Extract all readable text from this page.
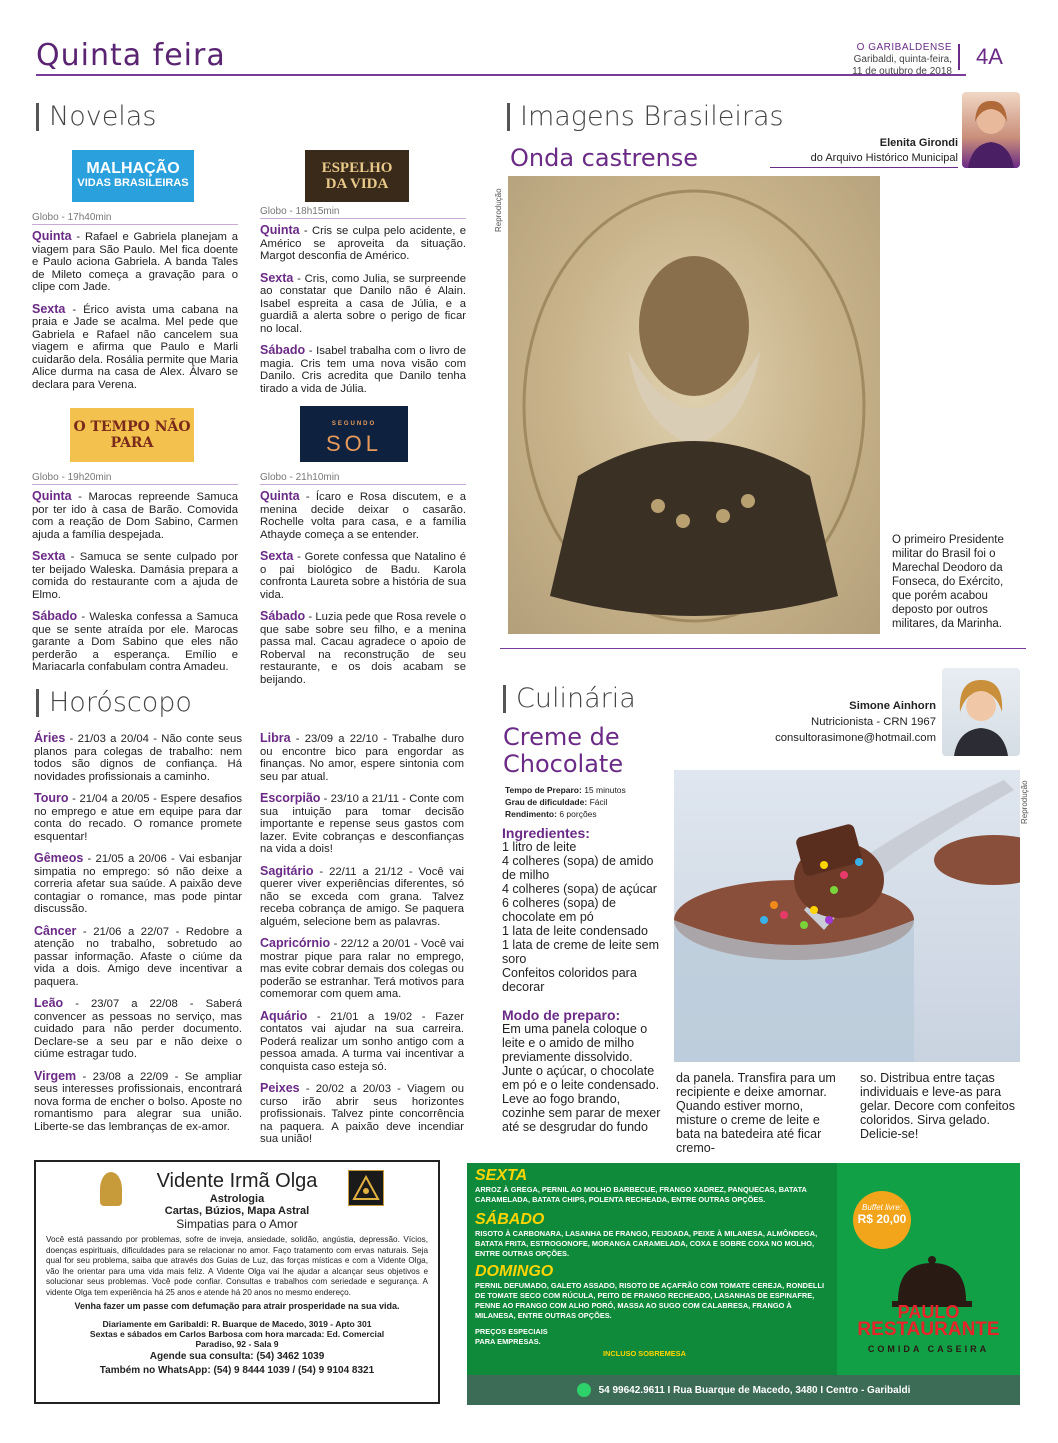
Quinta feira	O GARIBALDENSE
Garibaldi, quinta-feira,
11 de outubro de 2018
4A
Novelas
MALHAÇÃO
VIDAS BRASILEIRAS
Globo - 17h40min

Quinta - Rafael e Gabriela planejam a viagem para São Paulo. Mel fica doente e Paulo aciona Gabriela. A banda Tales de Mileto começa a gravação para o clipe com Jade.

Sexta - Érico avista uma cabana na praia e Jade se acalma. Mel pede que Gabriela e Rafael não cancelem sua viagem e afirma que Paulo e Marli cuidarão dela. Rosália permite que Maria Alice durma na casa de Alex. Álvaro se declara para Verena.

ESPELHO
DA VIDA
Globo - 18h15min

Quinta - Cris se culpa pelo acidente, e Américo se aproveita da situação. Margot desconfia de Américo.

Sexta - Cris, como Julia, se surpreende ao constatar que Danilo não é Alain. Isabel espreita a casa de Júlia, e a guardiã a alerta sobre o perigo de ficar no local.

Sábado - Isabel trabalha com o livro de magia. Cris tem uma nova visão com Danilo. Cris acredita que Danilo tenha tirado a vida de Júlia.

O TEMPO NÃO PARA
Globo - 19h20min

Quinta - Marocas repreende Samuca por ter ido à casa de Barão. Comovida com a reação de Dom Sabino, Carmen ajuda a família despejada.

Sexta - Samuca se sente culpado por ter beijado Waleska. Damásia prepara a comida do restaurante com a ajuda de Elmo.

Sábado - Waleska confessa a Samuca que se sente atraída por ele. Marocas garante a Dom Sabino que eles não perderão a esperança. Emílio e Mariacarla confabulam contra Amadeu.

SEGUNDO
SOL
Globo - 21h10min

Quinta - Ícaro e Rosa discutem, e a menina decide deixar o casarão. Rochelle volta para casa, e a família Athayde começa a se entender.

Sexta - Gorete confessa que Natalino é o pai biológico de Badu. Karola confronta Laureta sobre a história de sua vida.

Sábado - Luzia pede que Rosa revele o que sabe sobre seu filho, e a menina passa mal. Cacau agradece o apoio de Roberval na reconstrução de seu restaurante, e os dois acabam se beijando.

Imagens Brasileiras
Onda castrense
Elenita Girondi
do Arquivo Histórico Municipal
Reprodução
O primeiro Presidente militar do Brasil foi o Marechal Deodoro da Fonseca, do Exército, que porém acabou deposto por outros militares, da Marinha.
Horóscopo

Áries - 21/03 a 20/04 - Não conte seus planos para colegas de trabalho: nem todos são dignos de confiança. Há novidades profissionais a caminho.

Touro - 21/04 a 20/05 - Espere desafios no emprego e atue em equipe para dar conta do recado. O romance promete esquentar!

Gêmeos - 21/05 a 20/06 - Vai esbanjar simpatia no emprego: só não deixe a correria afetar sua saúde. A paixão deve contagiar o romance, mas pode pintar discussão.

Câncer - 21/06 a 22/07 - Redobre a atenção no trabalho, sobretudo ao passar informação. Afaste o ciúme da vida a dois. Amigo deve incentivar a paquera.

Leão - 23/07 a 22/08 - Saberá convencer as pessoas no serviço, mas cuidado para não perder documento. Declare-se a seu par e não deixe o ciúme estragar tudo.

Virgem - 23/08 a 22/09 - Se ampliar seus interesses profissionais, encontrará nova forma de encher o bolso. Aposte no romantismo para alegrar sua união. Liberte-se das lembranças de ex-amor.

Libra - 23/09 a 22/10 - Trabalhe duro ou encontre bico para engordar as finanças. No amor, espere sintonia com seu par atual.

Escorpião - 23/10 a 21/11 - Conte com sua intuição para tomar decisão importante e repense seus gastos com lazer. Evite cobranças e desconfianças na vida a dois!

Sagitário - 22/11 a 21/12 - Você vai querer viver experiências diferentes, só não se exceda com grana. Talvez receba cobrança de amigo. Se paquera alguém, selecione bem as palavras.

Capricórnio - 22/12 a 20/01 - Você vai mostrar pique para ralar no emprego, mas evite cobrar demais dos colegas ou poderão se estranhar. Terá motivos para comemorar com quem ama.

Aquário - 21/01 a 19/02 - Fazer contatos vai ajudar na sua carreira. Poderá realizar um sonho antigo com a pessoa amada. A turma vai incentivar a conquista caso esteja só.

Peixes - 20/02 a 20/03 - Viagem ou curso irão abrir seus horizontes profissionais. Talvez pinte concorrência na paquera. A paixão deve incendiar sua união!

Culinária
Creme de Chocolate
Simone Ainhorn
Nutricionista - CRN 1967
consultorasimone@hotmail.com
Tempo de Preparo: 15 minutos
Grau de dificuldade: Fácil
Rendimento: 6 porções
Ingredientes:
1 litro de leite
4 colheres (sopa) de amido de milho
4 colheres (sopa) de açúcar
6 colheres (sopa) de chocolate em pó
1 lata de leite condensado
1 lata de creme de leite sem soro
Confeitos coloridos para decorar
Modo de preparo:
Em uma panela coloque o leite e o amido de milho previamente dissolvido. Junte o açúcar, o chocolate em pó e o leite condensado. Leve ao fogo brando, cozinhe sem parar de mexer até se desgrudar do fundo
da panela. Transfira para um recipiente e deixe amornar. Quando estiver morno, misture o creme de leite e bata na batedeira até ficar cremo-
so. Distribua entre taças individuais e leve-as para gelar. Decore com confeitos coloridos. Sirva gelado. Delicie-se!
Reprodução
Vidente Irmã Olga
Astrologia
Cartas, Búzios, Mapa Astral
Simpatias para o Amor
Você está passando por problemas, sofre de inveja, ansiedade, solidão, angústia, depressão. Vícios, doenças espirituais, dificuldades para se relacionar no amor. Faço tratamento com ervas naturais. Seja qual for seu problema, saiba que através dos Guias de Luz, das forças místicas e com a Vidente Olga, vão lhe orientar para uma vida mais feliz. A Vidente Olga vai lhe ajudar a alcançar seus objetivos e solucionar seus problemas. Você pode confiar. Consultas e trabalhos com seriedade e segurança. A vidente Olga tem experiência há 25 anos e atende há 20 anos no mesmo endereço.
Venha fazer um passe com defumação para atrair prosperidade na sua vida.
Diariamente em Garibaldi: R. Buarque de Macedo, 3019 - Apto 301
Sextas e sábados em Carlos Barbosa com hora marcada: Ed. Comercial Paradiso, 92 - Sala 9
Agende sua consulta: (54) 3462 1039
Também no WhatsApp: (54) 9 8444 1039 / (54) 9 9104 8321
SEXTA
ARROZ À GREGA, PERNIL AO MOLHO BARBECUE, FRANGO XADREZ, PANQUECAS, BATATA CARAMELADA, BATATA CHIPS, POLENTA RECHEADA, ENTRE OUTRAS OPÇÕES.
SÁBADO
RISOTO À CARBONARA, LASANHA DE FRANGO, FEIJOADA, PEIXE À MILANESA, ALMÔNDEGA, BATATA FRITA, ESTROGONOFE, MORANGA CARAMELADA, COXA E SOBRE COXA NO MOLHO, ENTRE OUTRAS OPÇÕES.
DOMINGO
PERNIL DEFUMADO, GALETO ASSADO, RISOTO DE AÇAFRÃO COM TOMATE CEREJA, RONDELLI DE TOMATE SECO COM RÚCULA, PEITO DE FRANGO RECHEADO, LASANHAS DE ESPINAFRE, PENNE AO FRANGO COM ALHO PORÓ, MASSA AO SUGO COM CALABRESA, FRANGO À MILANESA, ENTRE OUTRAS OPÇÕES.
PREÇOS ESPECIAIS
PARA EMPRESAS.
INCLUSO SOBREMESA
Buffet livre:
R$ 20,00
PAULO
RESTAURANTE
COMIDA CASEIRA
54 99642.9611 I Rua Buarque de Macedo, 3480 I Centro - Garibaldi
